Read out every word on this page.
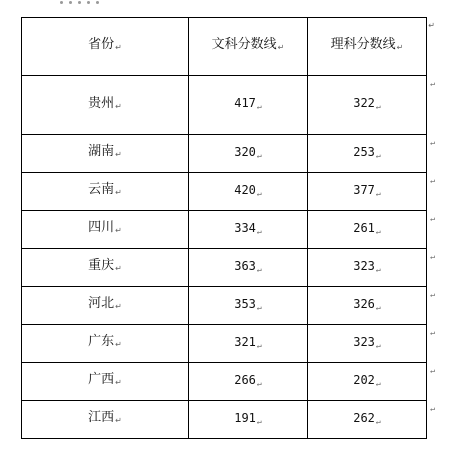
省份↵	文科分数线↵	理科分数线↵
↵

贵州↵	417↵	322↵
↵

湖南↵	320↵	253↵
↵

云南↵	420↵	377↵
↵

四川↵	334↵	261↵
↵

重庆↵	363↵	323↵
↵

河北↵	353↵	326↵
↵

广东↵	321↵	323↵
↵

广西↵	266↵	202↵
↵

江西↵	191↵	262↵
↵
